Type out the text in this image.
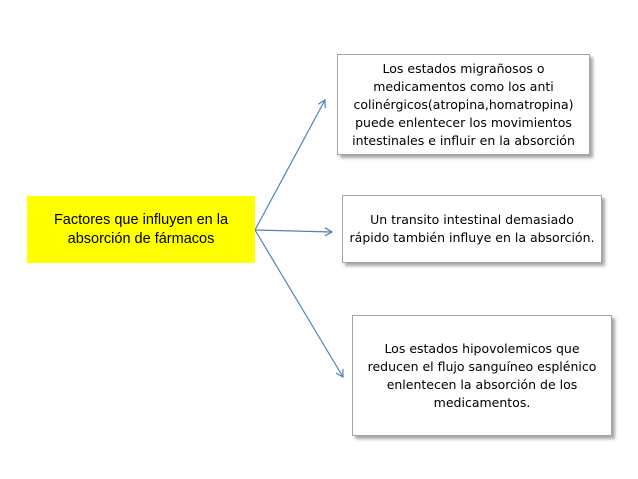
Factores que influyen en la absorción de fármacos
Los estados migrañosos o medicamentos como los anti colinérgicos(atropina,homatropina) puede enlentecer los movimientos intestinales e influir en la absorción
Un transito intestinal demasiado rápido también influye en la absorción.
Los estados hipovolemicos que reducen el flujo sanguíneo esplénico enlentecen la absorción de los medicamentos.
